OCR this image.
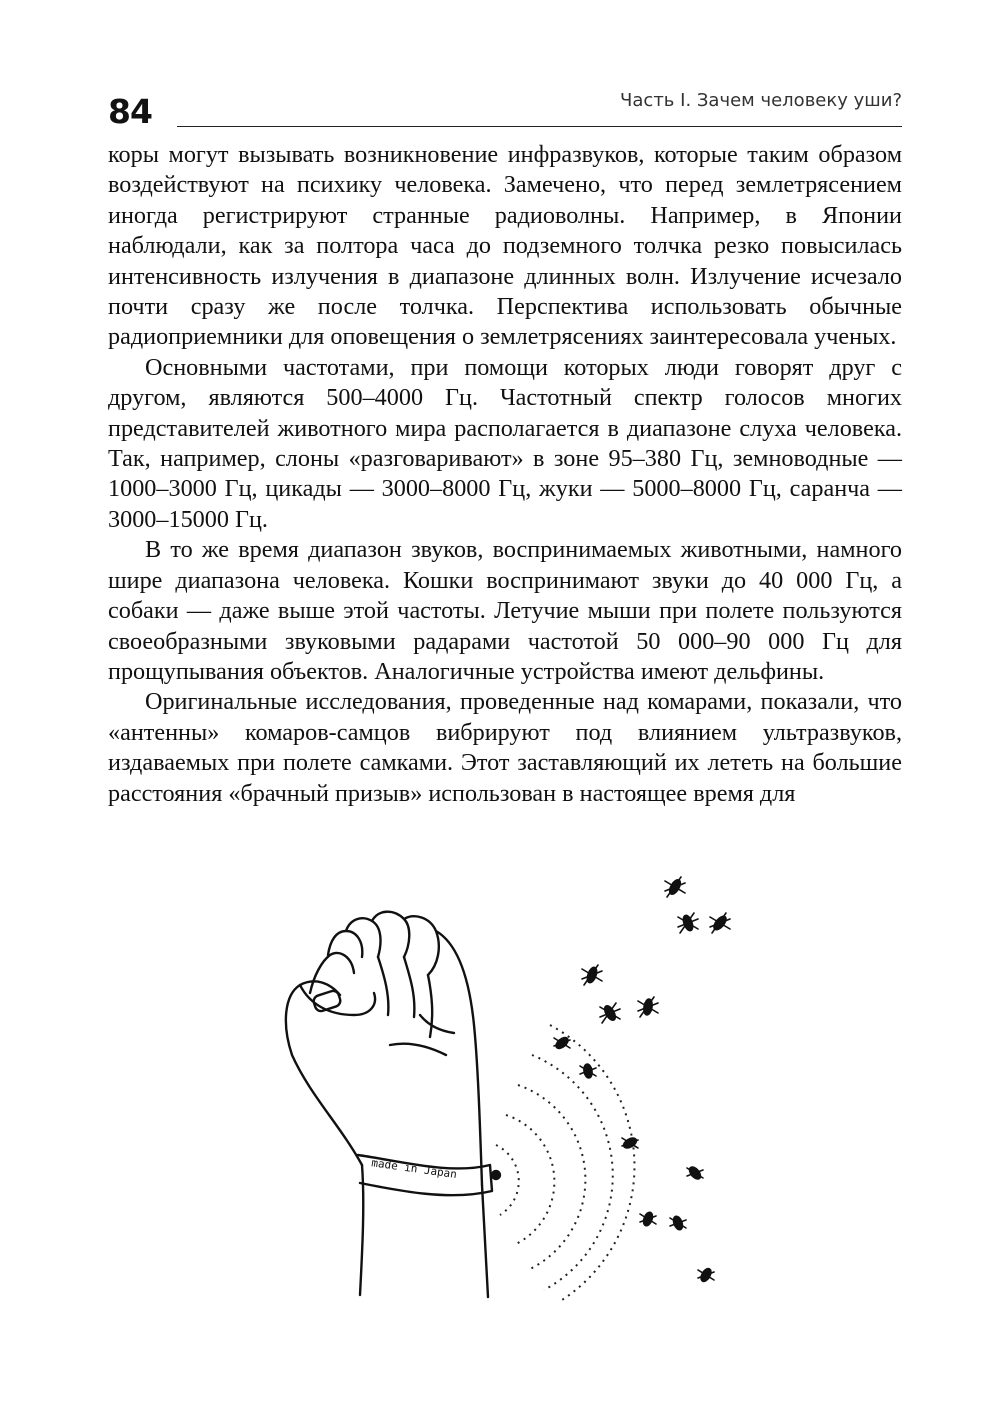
84	Часть I. Зачем человеку уши?

коры могут вызывать возникновение инфразвуков, которые таким образом воздействуют на психику человека. Замечено, что перед землетрясением иногда регистрируют странные радиоволны. Например, в Японии наблюдали, как за полтора часа до подземного толчка резко повысилась интенсивность излучения в диапазоне длинных волн. Излучение исчезало почти сразу же после толчка. Перспектива использовать обычные радиоприемники для оповещения о землетрясениях заинтересовала ученых.

Основными частотами, при помощи которых люди говорят друг с другом, являются 500–4000 Гц. Частотный спектр голосов многих представителей животного мира располагается в диапазоне слуха человека. Так, например, слоны «разговаривают» в зоне 95–380 Гц, земноводные — 1000–3000 Гц, цикады — 3000–8000 Гц, жуки — 5000–8000 Гц, саранча — 3000–15000 Гц.

В то же время диапазон звуков, воспринимаемых животными, намного шире диапазона человека. Кошки воспринимают звуки до 40 000 Гц, а собаки — даже выше этой частоты. Летучие мыши при полете пользуются своеобразными звуковыми радарами частотой 50 000–90 000 Гц для прощупывания объектов. Аналогичные устройства имеют дельфины.

Оригинальные исследования, проведенные над комарами, показали, что «антенны» комаров-самцов вибрируют под влиянием ультразвуков, издаваемых при полете самками. Этот заставляющий их лететь на большие расстояния «брачный призыв» использован в настоящее время для

made in Japan
